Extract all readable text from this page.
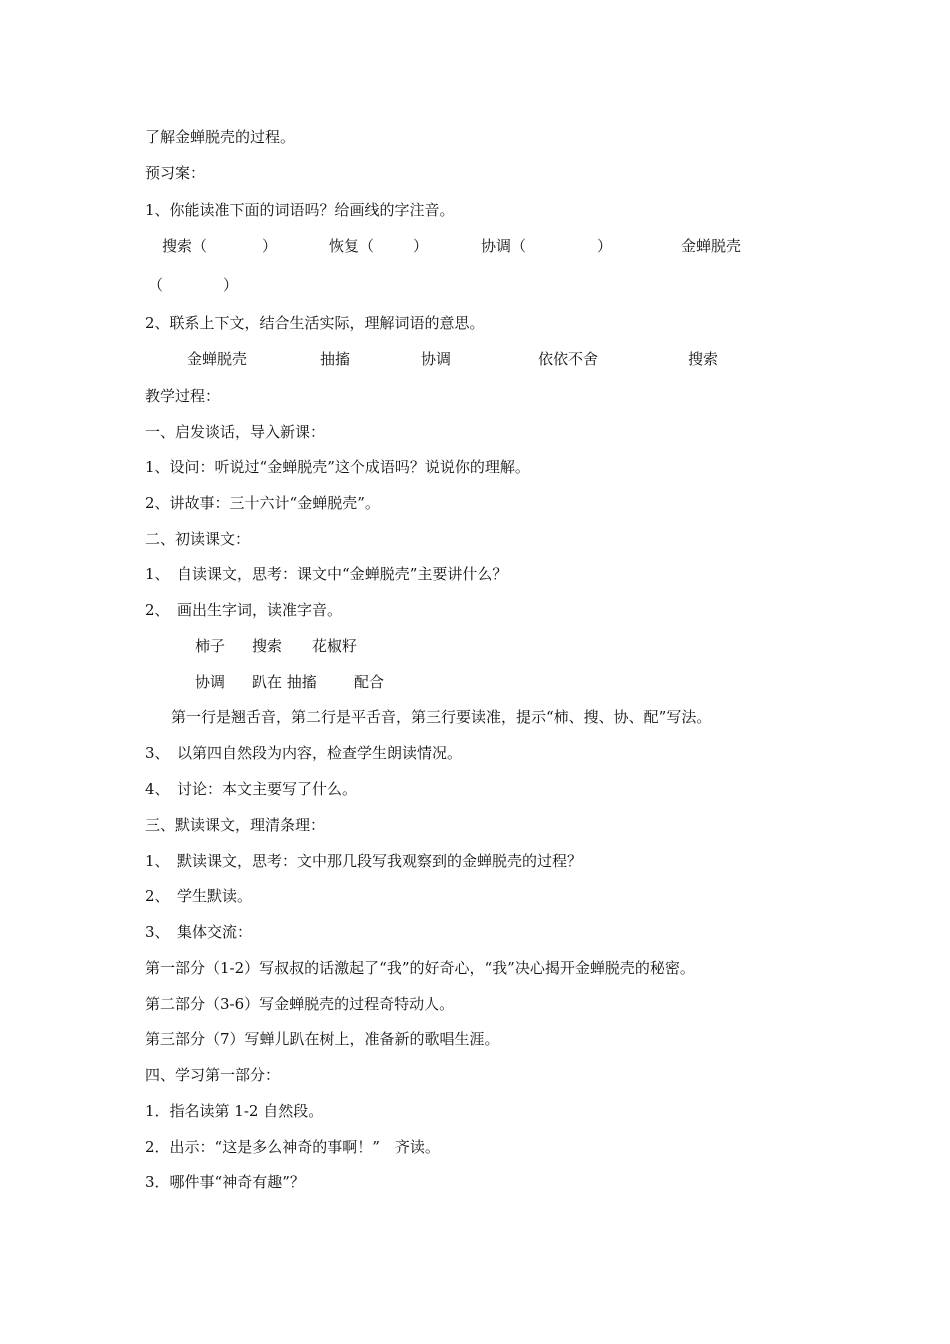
了解金蝉脱壳的过程。
预习案：
1、你能读准下面的词语吗？给画线的字注音。
搜索（	）	恢复（	）	协调（	）	金蝉脱壳
（　　　　）
2、联系上下文，结合生活实际，理解词语的意思。
金蝉脱壳	抽搐	协调	依依不舍	搜索
教学过程：
一、启发谈话，导入新课：
1、设问：听说过“金蝉脱壳”这个成语吗？说说你的理解。
2、讲故事：三十六计“金蝉脱壳”。
二、初读课文：
1、　自读课文，思考：课文中“金蝉脱壳”主要讲什么？
2、　画出生字词，读准字音。
柿子 搜索 花椒籽
协调 趴在 抽搐 配合
第一行是翘舌音，第二行是平舌音，第三行要读准，提示“柿、搜、协、配”写法。
3、　以第四自然段为内容，检查学生朗读情况。
4、　讨论：本文主要写了什么。
三、默读课文，理清条理：
1、　默读课文，思考：文中那几段写我观察到的金蝉脱壳的过程？
2、　学生默读。
3、　集体交流：
第一部分（1-2）写叔叔的话激起了“我”的好奇心，“我”决心揭开金蝉脱壳的秘密。
第二部分（3-6）写金蝉脱壳的过程奇特动人。
第三部分（7）写蝉儿趴在树上，准备新的歌唱生涯。
四、学习第一部分：
1．指名读第 1-2 自然段。
2．出示：“这是多么神奇的事啊！”　齐读。
3．哪件事“神奇有趣”？
